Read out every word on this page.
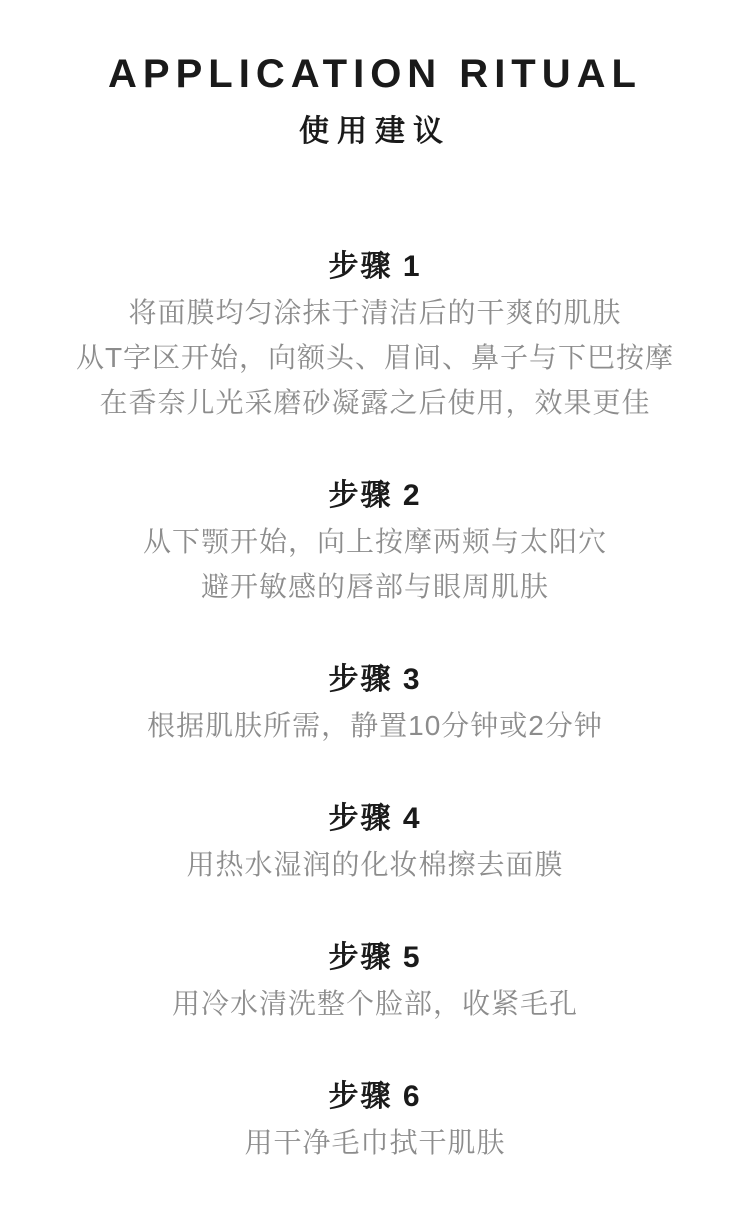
APPLICATION RITUAL
使用建议
步骤 1

将面膜均匀涂抹于清洁后的干爽的肌肤

从T字区开始，向额头、眉间、鼻子与下巴按摩

在香奈儿光采磨砂凝露之后使用，效果更佳

步骤 2

从下颚开始，向上按摩两颊与太阳穴

避开敏感的唇部与眼周肌肤

步骤 3

根据肌肤所需，静置10分钟或2分钟

步骤 4

用热水湿润的化妆棉擦去面膜

步骤 5

用冷水清洗整个脸部，收紧毛孔

步骤 6

用干净毛巾拭干肌肤
